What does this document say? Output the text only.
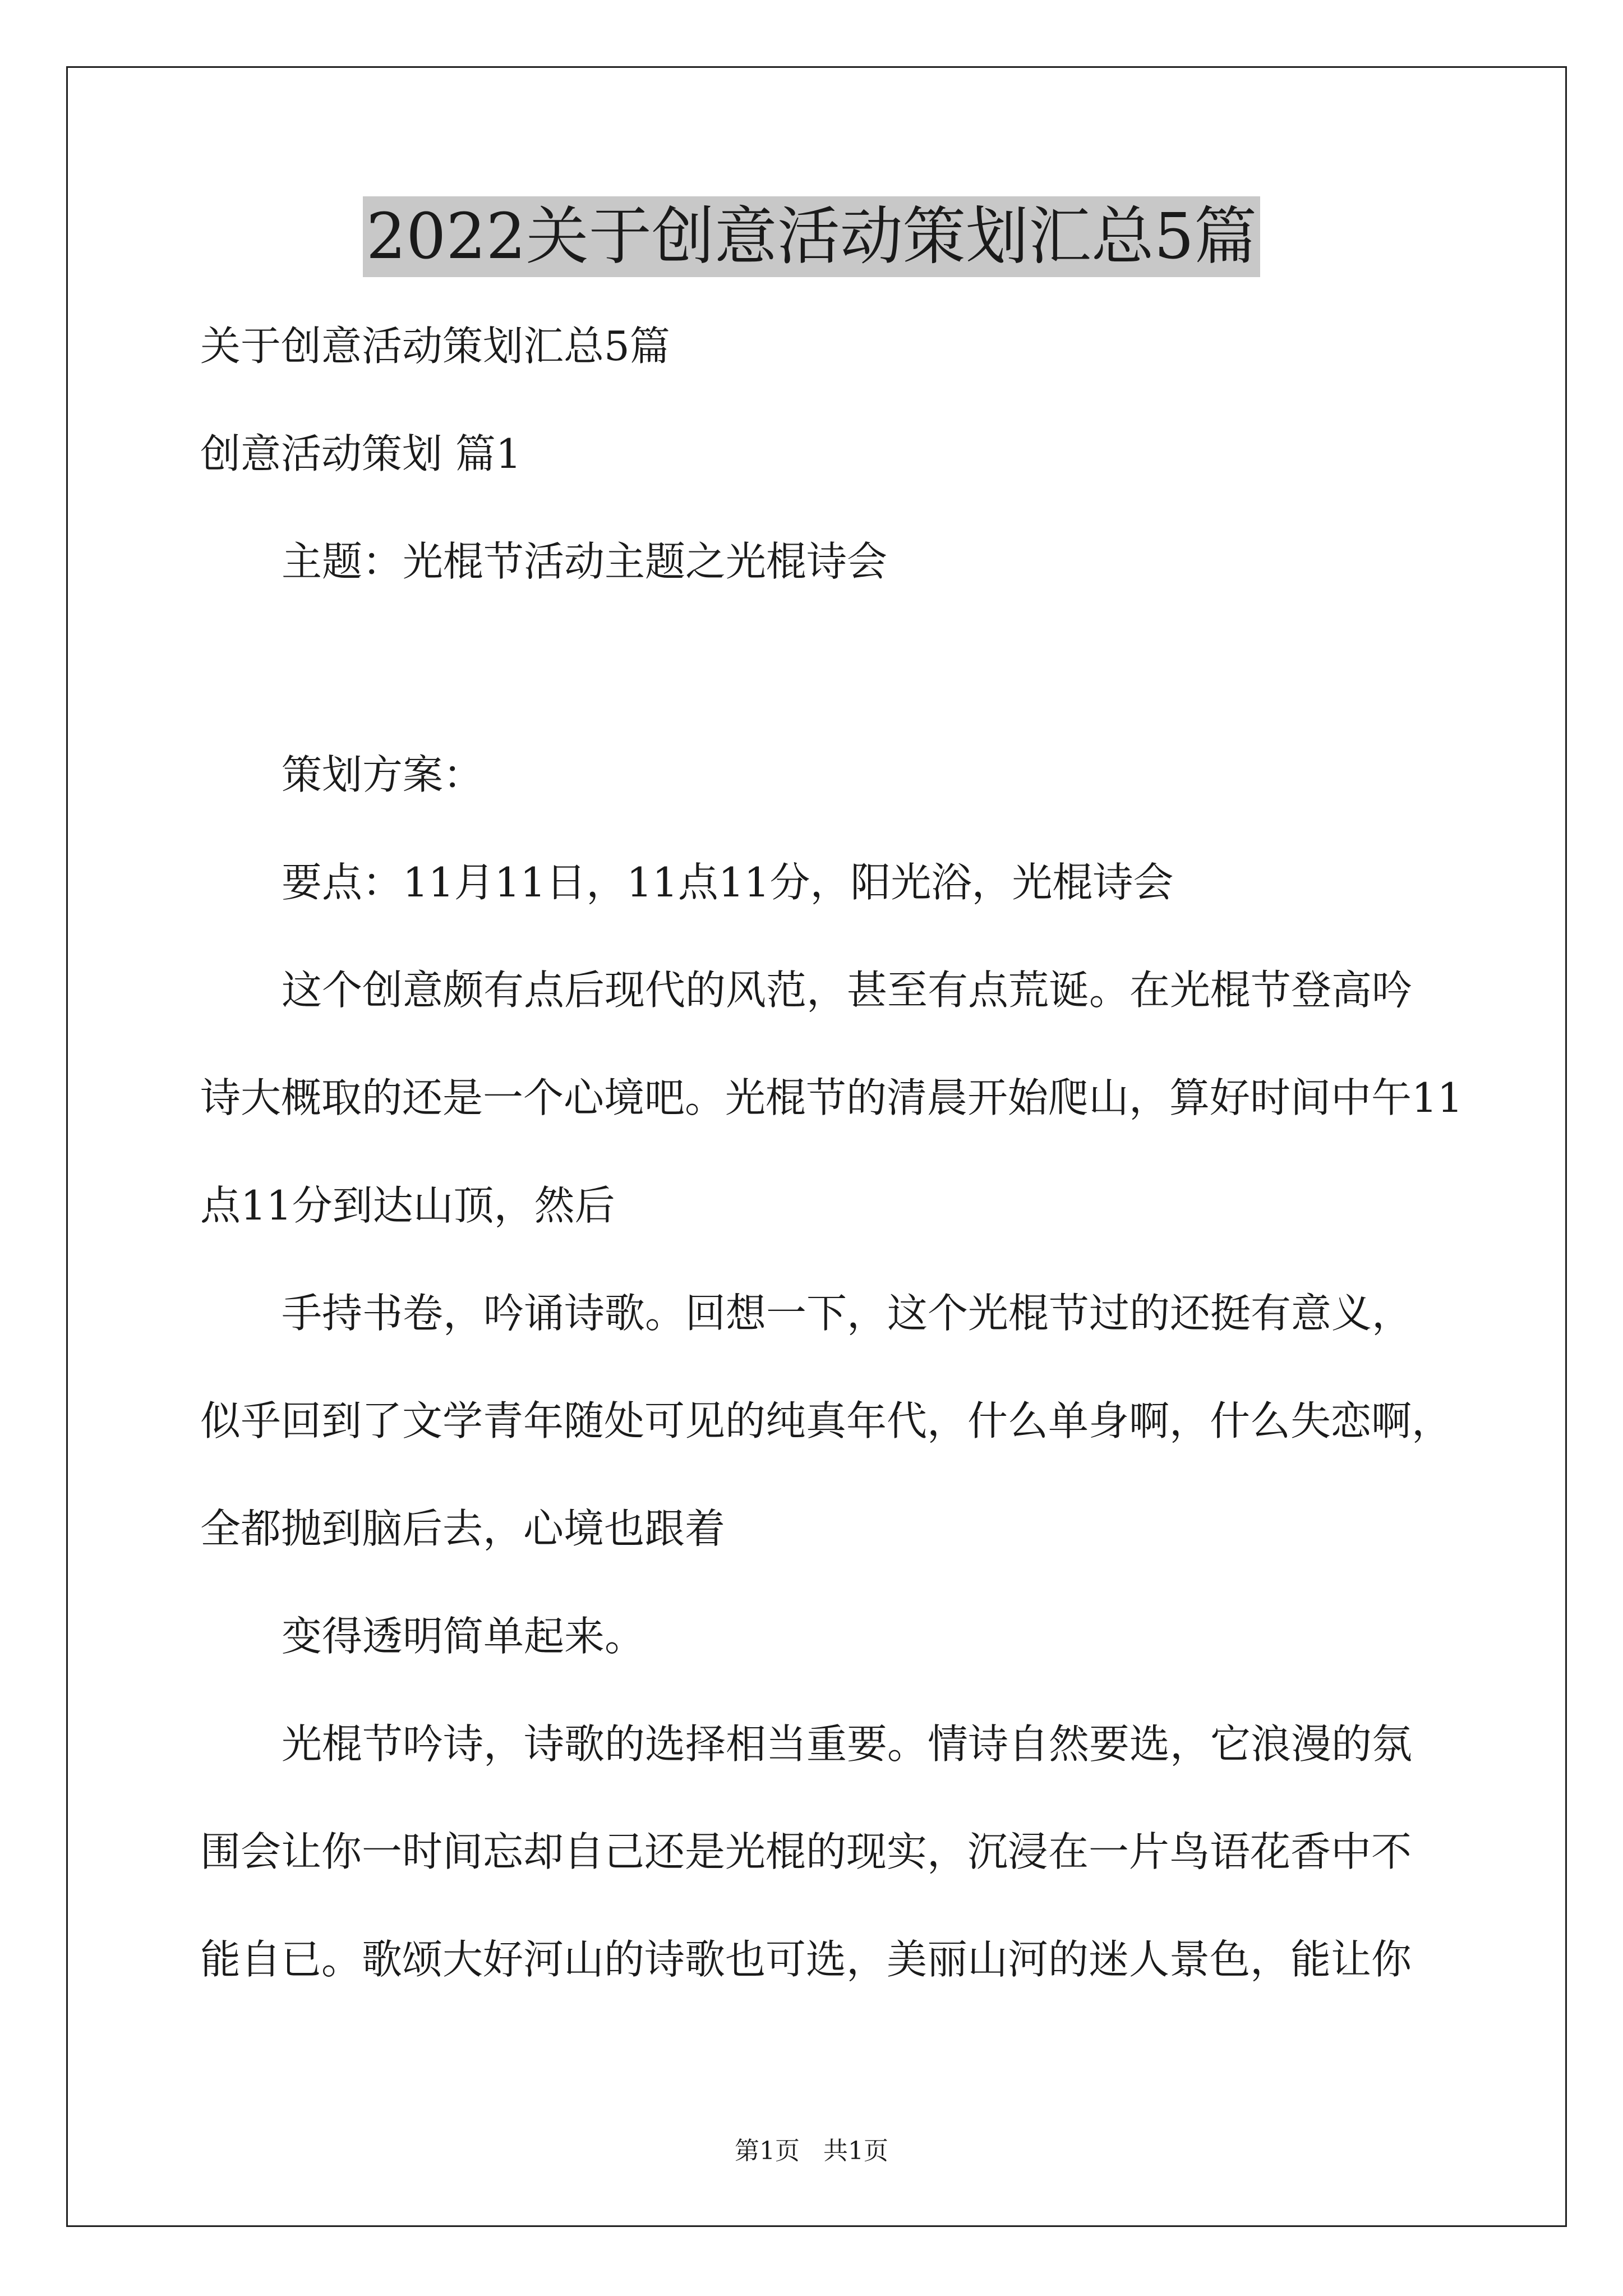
2022关于创意活动策划汇总5篇
关于创意活动策划汇总5篇
创意活动策划 篇1
主题：光棍节活动主题之光棍诗会
策划方案：
要点：11月11日，11点11分，阳光浴，光棍诗会
这个创意颇有点后现代的风范，甚至有点荒诞。在光棍节登高吟
诗大概取的还是一个心境吧。光棍节的清晨开始爬山，算好时间中午11
点11分到达山顶，然后
手持书卷，吟诵诗歌。回想一下，这个光棍节过的还挺有意义，
似乎回到了文学青年随处可见的纯真年代，什么单身啊，什么失恋啊，
全都抛到脑后去，心境也跟着
变得透明简单起来。
光棍节吟诗，诗歌的选择相当重要。情诗自然要选，它浪漫的氛
围会让你一时间忘却自己还是光棍的现实，沉浸在一片鸟语花香中不
能自已。歌颂大好河山的诗歌也可选，美丽山河的迷人景色，能让你
第1页   共1页
